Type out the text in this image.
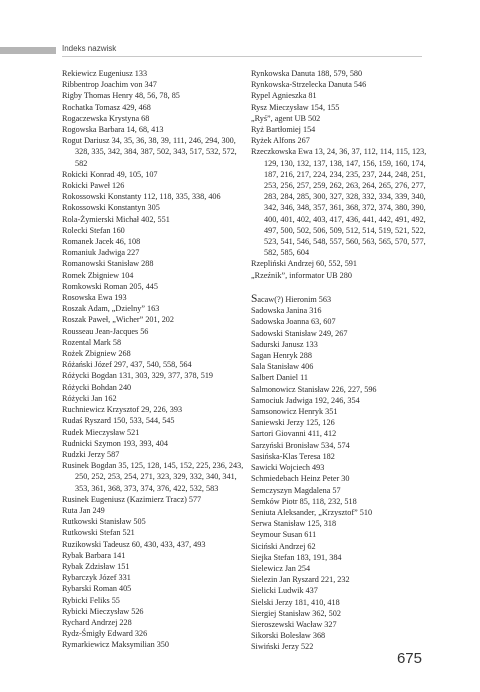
Indeks nazwisk

Rekiewicz Eugeniusz 133

Ribbentrop Joachim von 347

Rigby Thomas Henry 48, 56, 78, 85

Rochatka Tomasz 429, 468

Rogaczewska Krystyna 68

Rogowska Barbara 14, 68, 413

Rogut Dariusz 34, 35, 36, 38, 39, 111, 246, 294, 300, 328, 335, 342, 384, 387, 502, 343, 517, 532, 572, 582

Rokicki Konrad 49, 105, 107

Rokicki Paweł 126

Rokossowski Konstanty 112, 118, 335, 338, 406

Rokossowski Konstantyn 305

Rola-Żymierski Michał 402, 551

Rolecki Stefan 160

Romanek Jacek 46, 108

Romaniuk Jadwiga 227

Romanowski Stanisław 288

Romek Zbigniew 104

Romkowski Roman 205, 445

Rosowska Ewa 193

Roszak Adam, „Dzielny” 163

Roszak Paweł, „Wicher” 201, 202

Rousseau Jean-Jacques 56

Rozental Mark 58

Rożek Zbigniew 268

Różański Józef 297, 437, 540, 558, 564

Różycki Bogdan 131, 303, 329, 377, 378, 519

Różycki Bohdan 240

Różycki Jan 162

Ruchniewicz Krzysztof 29, 226, 393

Rudaś Ryszard 150, 533, 544, 545

Rudek Mieczysław 521

Rudnicki Szymon 193, 393, 404

Rudzki Jerzy 587

Rusinek Bogdan 35, 125, 128, 145, 152, 225, 236, 243, 250, 252, 253, 254, 271, 323, 329, 332, 340, 341, 353, 361, 368, 373, 374, 376, 422, 532, 583

Rusinek Eugeniusz (Kazimierz Tracz) 577

Ruta Jan 249

Rutkowski Stanisław 505

Rutkowski Stefan 521

Ruzikowski Tadeusz 60, 430, 433, 437, 493

Rybak Barbara 141

Rybak Zdzisław 151

Rybarczyk Józef 331

Rybarski Roman 405

Rybicki Feliks 55

Rybicki Mieczysław 526

Rychard Andrzej 228

Rydz-Śmigły Edward 326

Rymarkiewicz Maksymilian 350

Rynkowska Danuta 188, 579, 580

Rynkowska-Strzelecka Danuta 546

Rypel Agnieszka 81

Rysz Mieczysław 154, 155

„Ryś”, agent UB 502

Ryż Bartłomiej 154

Ryżek Alfons 267

Rzeczkowska Ewa 13, 24, 36, 37, 112, 114, 115, 123, 129, 130, 132, 137, 138, 147, 156, 159, 160, 174, 187, 216, 217, 224, 234, 235, 237, 244, 248, 251, 253, 256, 257, 259, 262, 263, 264, 265, 276, 277, 283, 284, 285, 300, 327, 328, 332, 334, 339, 340, 342, 346, 348, 357, 361, 368, 372, 374, 380, 390, 400, 401, 402, 403, 417, 436, 441, 442, 491, 492, 497, 500, 502, 506, 509, 512, 514, 519, 521, 522, 523, 541, 546, 548, 557, 560, 563, 565, 570, 577, 582, 585, 604

Rzepliński Andrzej 60, 552, 591

„Rzeźnik”, informator UB 280

Sacaw(?) Hieronim 563

Sadowska Janina 316

Sadowska Joanna 63, 607

Sadowski Stanisław 249, 267

Sadurski Janusz 133

Sagan Henryk 288

Sala Stanisław 406

Salbert Daniel 11

Salmonowicz Stanisław 226, 227, 596

Samociuk Jadwiga 192, 246, 354

Samsonowicz Henryk 351

Saniewski Jerzy 125, 126

Sartori Giovanni 411, 412

Sarzyński Bronisław 534, 574

Sasińska-Klas Teresa 182

Sawicki Wojciech 493

Schmiedebach Heinz Peter 30

Semczyszyn Magdalena 57

Semków Piotr 85, 118, 232, 518

Seniuta Aleksander, „Krzysztof” 510

Serwa Stanisław 125, 318

Seymour Susan 611

Siciński Andrzej 62

Siejka Stefan 183, 191, 384

Sielewicz Jan 254

Sielezin Jan Ryszard 221, 232

Sielicki Ludwik 437

Sielski Jerzy 181, 410, 418

Siergiej Stanisław 362, 502

Sieroszewski Wacław 327

Sikorski Bolesław 368

Siwiński Jerzy 522

675
